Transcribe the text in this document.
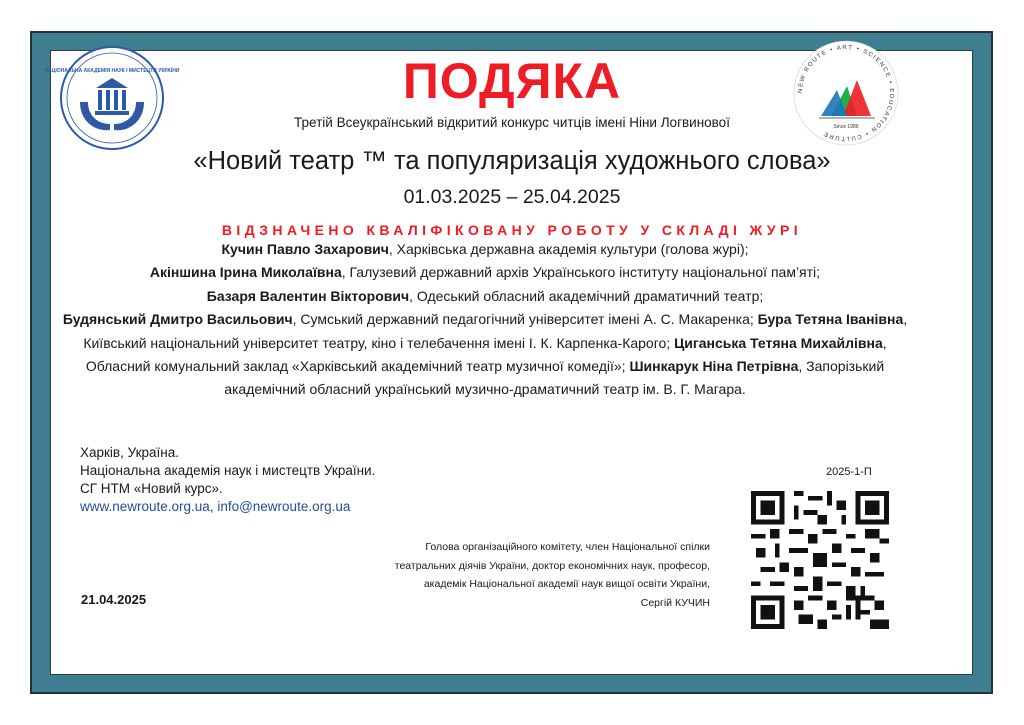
НАЦІОНАЛЬНА АКАДЕМІЯ НАУК І МИСТЕЦТВ УКРАЇНИ
NEW ROUTE • ART • SCIENCE • EDUCATION • CULTURE
Since 1989
ПОДЯКА
Третій Всеукраїнський відкритий конкурс читців імені Ніни Логвинової
«Новий театр ™ та популяризація художнього слова»
01.03.2025 – 25.04.2025
ВІДЗНАЧЕНО КВАЛІФІКОВАНУ РОБОТУ У СКЛАДІ ЖУРІ
Кучин Павло Захарович, Харківська державна академія культури (голова журі);
Акіншина Ірина Миколаївна, Галузевий державний архів Українського інституту національної пам’яті;
Базаря Валентин Вікторович, Одеський обласний академічний драматичний театр;
Будянський Дмитро Васильович, Сумський державний педагогічний університет імені А. С. Макаренка; Бура Тетяна Іванівна, Київський національний університет театру, кіно і телебачення імені І. К. Карпенка-Карого; Циганська Тетяна Михайлівна, Обласний комунальний заклад «Харківський академічний театр музичної комедії»; Шинкарук Ніна Петрівна, Запорізький академічний обласний український музично-драматичний театр ім. В. Г. Магара.
Харків, Україна.
Національна академія наук і мистецтв України.
СГ НТМ «Новий курс».
www.newroute.org.ua, info@newroute.org.ua
2025-1-П
Голова організаційного комітету, член Національної спілки
театральних діячів України, доктор економічних наук, професор,
академік Національної академії наук вищої освіти України,
Сергій КУЧИН
21.04.2025
